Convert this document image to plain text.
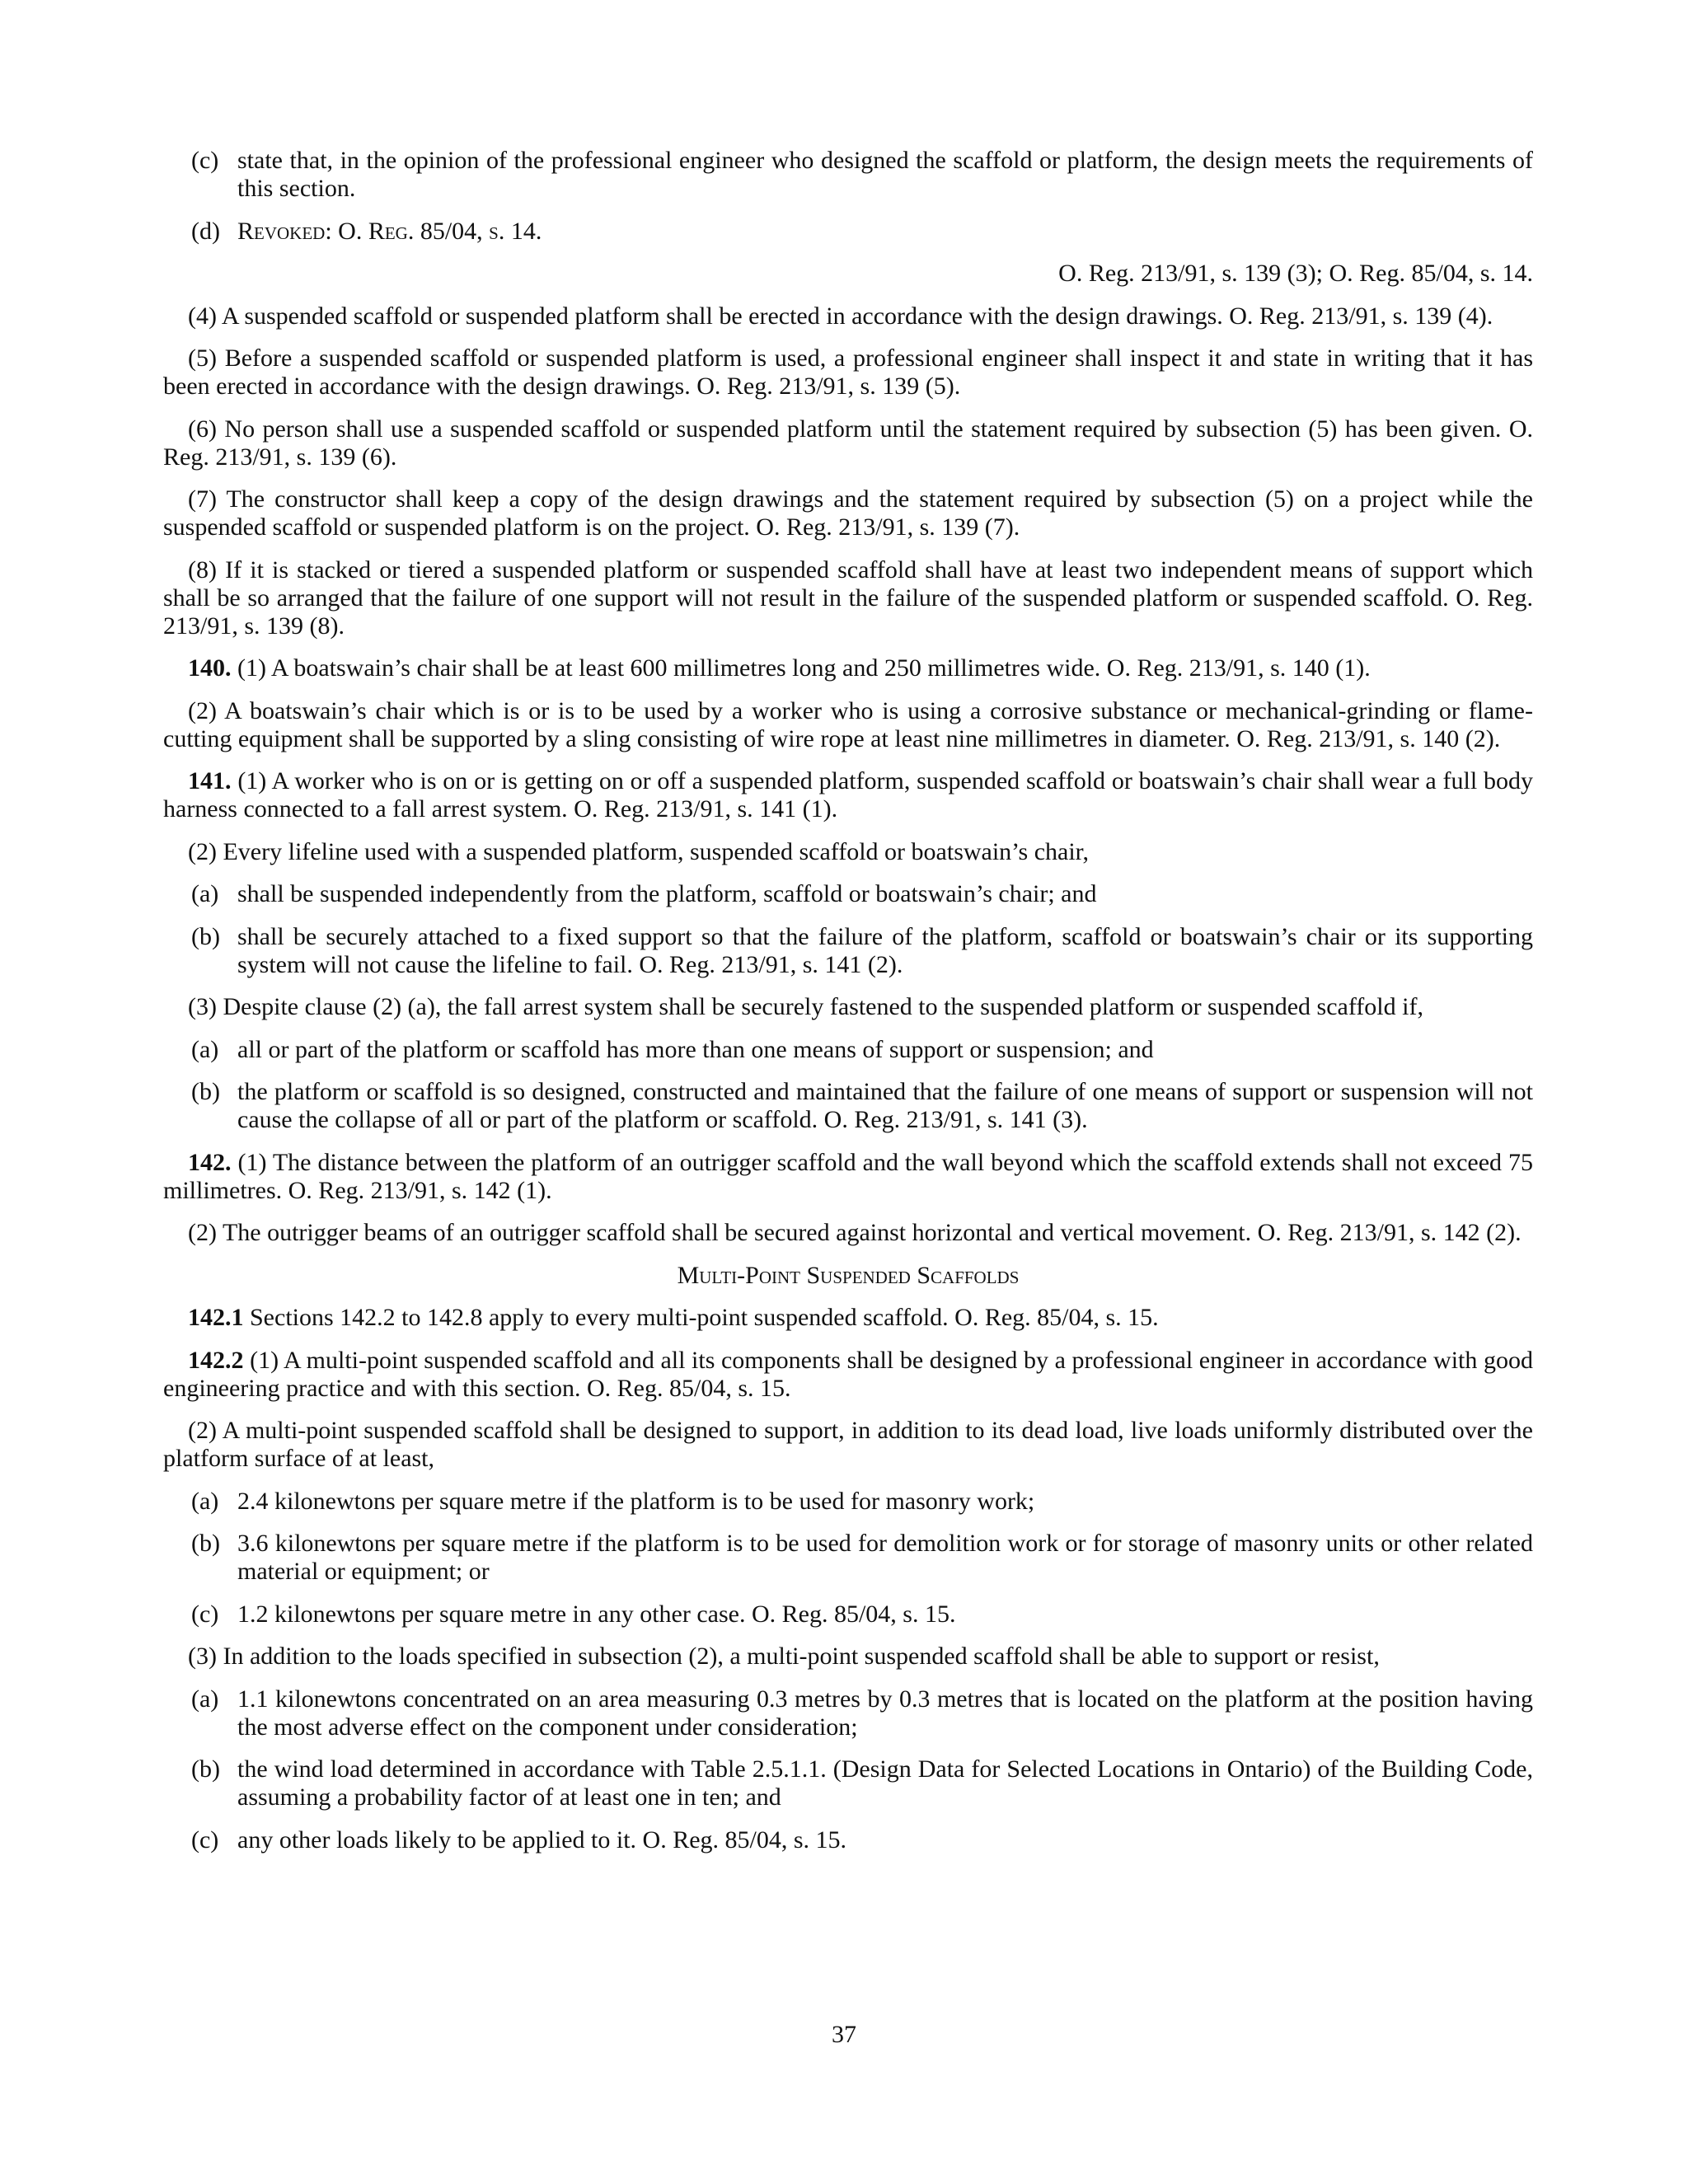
(c) state that, in the opinion of the professional engineer who designed the scaffold or platform, the design meets the requirements of this section.

(d) Revoked: O. Reg. 85/04, s. 14.

O. Reg. 213/91, s. 139 (3); O. Reg. 85/04, s. 14.

(4) A suspended scaffold or suspended platform shall be erected in accordance with the design drawings. O. Reg. 213/91, s. 139 (4).

(5) Before a suspended scaffold or suspended platform is used, a professional engineer shall inspect it and state in writing that it has been erected in accordance with the design drawings. O. Reg. 213/91, s. 139 (5).

(6) No person shall use a suspended scaffold or suspended platform until the statement required by subsection (5) has been given. O. Reg. 213/91, s. 139 (6).

(7) The constructor shall keep a copy of the design drawings and the statement required by subsection (5) on a project while the suspended scaffold or suspended platform is on the project. O. Reg. 213/91, s. 139 (7).

(8) If it is stacked or tiered a suspended platform or suspended scaffold shall have at least two independent means of support which shall be so arranged that the failure of one support will not result in the failure of the suspended platform or suspended scaffold. O. Reg. 213/91, s. 139 (8).

140. (1) A boatswain’s chair shall be at least 600 millimetres long and 250 millimetres wide. O. Reg. 213/91, s. 140 (1).

(2) A boatswain’s chair which is or is to be used by a worker who is using a corrosive substance or mechanical-grinding or flame-cutting equipment shall be supported by a sling consisting of wire rope at least nine millimetres in diameter. O. Reg. 213/91, s. 140 (2).

141. (1) A worker who is on or is getting on or off a suspended platform, suspended scaffold or boatswain’s chair shall wear a full body harness connected to a fall arrest system. O. Reg. 213/91, s. 141 (1).

(2) Every lifeline used with a suspended platform, suspended scaffold or boatswain’s chair,

(a) shall be suspended independently from the platform, scaffold or boatswain’s chair; and

(b) shall be securely attached to a fixed support so that the failure of the platform, scaffold or boatswain’s chair or its supporting system will not cause the lifeline to fail. O. Reg. 213/91, s. 141 (2).

(3) Despite clause (2) (a), the fall arrest system shall be securely fastened to the suspended platform or suspended scaffold if,

(a) all or part of the platform or scaffold has more than one means of support or suspension; and

(b) the platform or scaffold is so designed, constructed and maintained that the failure of one means of support or suspension will not cause the collapse of all or part of the platform or scaffold. O. Reg. 213/91, s. 141 (3).

142. (1) The distance between the platform of an outrigger scaffold and the wall beyond which the scaffold extends shall not exceed 75 millimetres. O. Reg. 213/91, s. 142 (1).

(2) The outrigger beams of an outrigger scaffold shall be secured against horizontal and vertical movement. O. Reg. 213/91, s. 142 (2).

Multi-Point Suspended Scaffolds

142.1 Sections 142.2 to 142.8 apply to every multi-point suspended scaffold. O. Reg. 85/04, s. 15.

142.2 (1) A multi-point suspended scaffold and all its components shall be designed by a professional engineer in accordance with good engineering practice and with this section. O. Reg. 85/04, s. 15.

(2) A multi-point suspended scaffold shall be designed to support, in addition to its dead load, live loads uniformly distributed over the platform surface of at least,

(a) 2.4 kilonewtons per square metre if the platform is to be used for masonry work;

(b) 3.6 kilonewtons per square metre if the platform is to be used for demolition work or for storage of masonry units or other related material or equipment; or

(c) 1.2 kilonewtons per square metre in any other case. O. Reg. 85/04, s. 15.

(3) In addition to the loads specified in subsection (2), a multi-point suspended scaffold shall be able to support or resist,

(a) 1.1 kilonewtons concentrated on an area measuring 0.3 metres by 0.3 metres that is located on the platform at the position having the most adverse effect on the component under consideration;

(b) the wind load determined in accordance with Table 2.5.1.1. (Design Data for Selected Locations in Ontario) of the Building Code, assuming a probability factor of at least one in ten; and

(c) any other loads likely to be applied to it. O. Reg. 85/04, s. 15.

37
